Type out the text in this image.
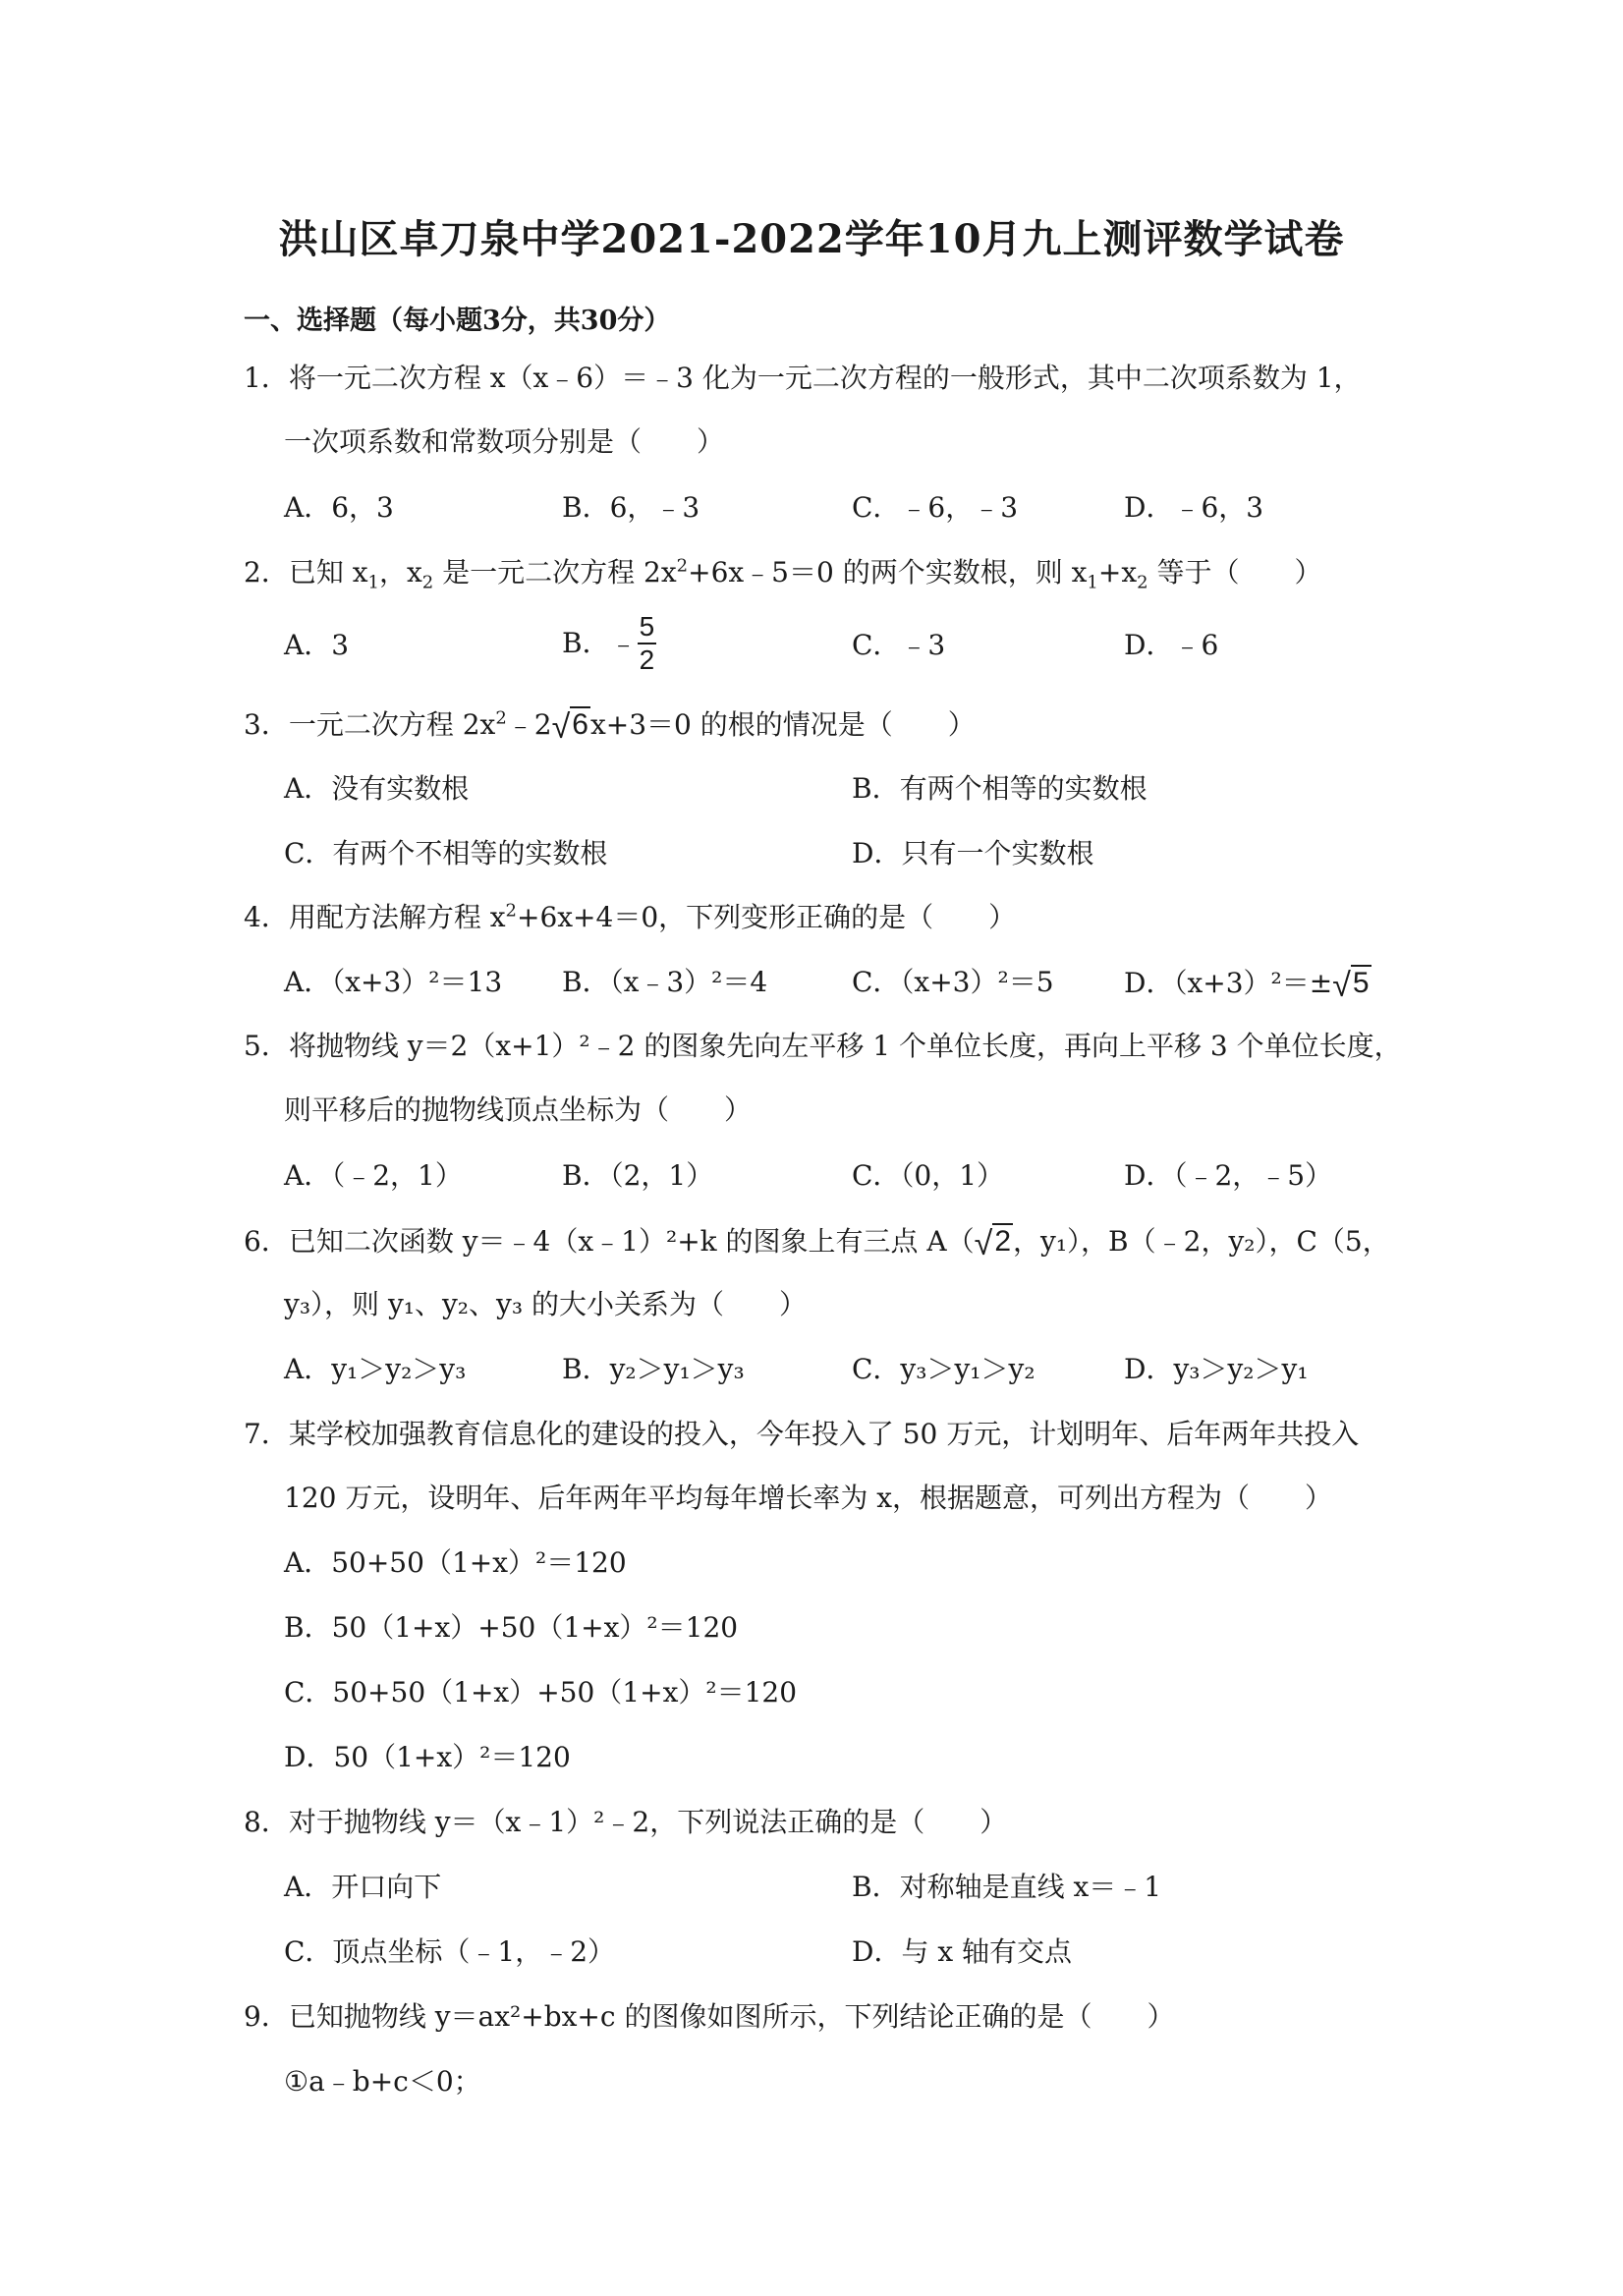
洪山区卓刀泉中学2021-2022学年10月九上测评数学试卷
一、选择题（每小题3分，共30分）
1．将一元二次方程 x（x﹣6）＝﹣3 化为一元二次方程的一般形式，其中二次项系数为 1，
一次项系数和常数项分别是（　　）
A．6，3	B．6，﹣3	C．﹣6，﹣3	D．﹣6，3
2．已知 $x_1$，$x_2$ 是一元二次方程 $2x^2+6x﹣5=0$ 的两个实数根，则 $x_1+x_2$ 等于（　　）
A．3	B．﹣ $\frac{5}{2}$	C．﹣3	D．﹣6
3．一元二次方程 $2x^2﹣2√6x+3=0$ 的根的情况是（　　）
A．没有实数根	B．有两个相等的实数根
C．有两个不相等的实数根	D．只有一个实数根
4．用配方法解方程 $x^2+6x+4=0$，下列变形正确的是（　　）
A．（x+3）²＝13 B．（x﹣3）²＝4	C．（x+3）²＝5	D．（x+3）²＝±√5
5．将抛物线 y＝2（x+1）²﹣2 的图象先向左平移 1 个单位长度，再向上平移 3 个单位长度，
则平移后的抛物线顶点坐标为（　　）
A．（﹣2，1）	B．（2，1）	C．（0，1）	D．（﹣2，﹣5）
6．已知二次函数 y＝﹣4（x﹣1）²+k 的图象上有三点 A（√2，y₁），B（﹣2，y₂），C（5，
y₃），则 y₁、y₂、y₃ 的大小关系为（　　）
A．y₁＞y₂＞y₃	B．y₂＞y₁＞y₃	C．y₃＞y₁＞y₂	D．y₃＞y₂＞y₁
7．某学校加强教育信息化的建设的投入，今年投入了 50 万元，计划明年、后年两年共投入
120 万元，设明年、后年两年平均每年增长率为 x，根据题意，可列出方程为（　　）
A．50+50（1+x）²＝120
B．50（1+x）+50（1+x）²＝120
C．50+50（1+x）+50（1+x）²＝120
D．50（1+x）²＝120
8．对于抛物线 y＝（x﹣1）²﹣2，下列说法正确的是（　　）
A．开口向下	B．对称轴是直线 x＝﹣1
C．顶点坐标（﹣1，﹣2）	D．与 x 轴有交点
9．已知抛物线 y＝ax²+bx+c 的图像如图所示，下列结论正确的是（　　）
①a﹣b+c＜0；
